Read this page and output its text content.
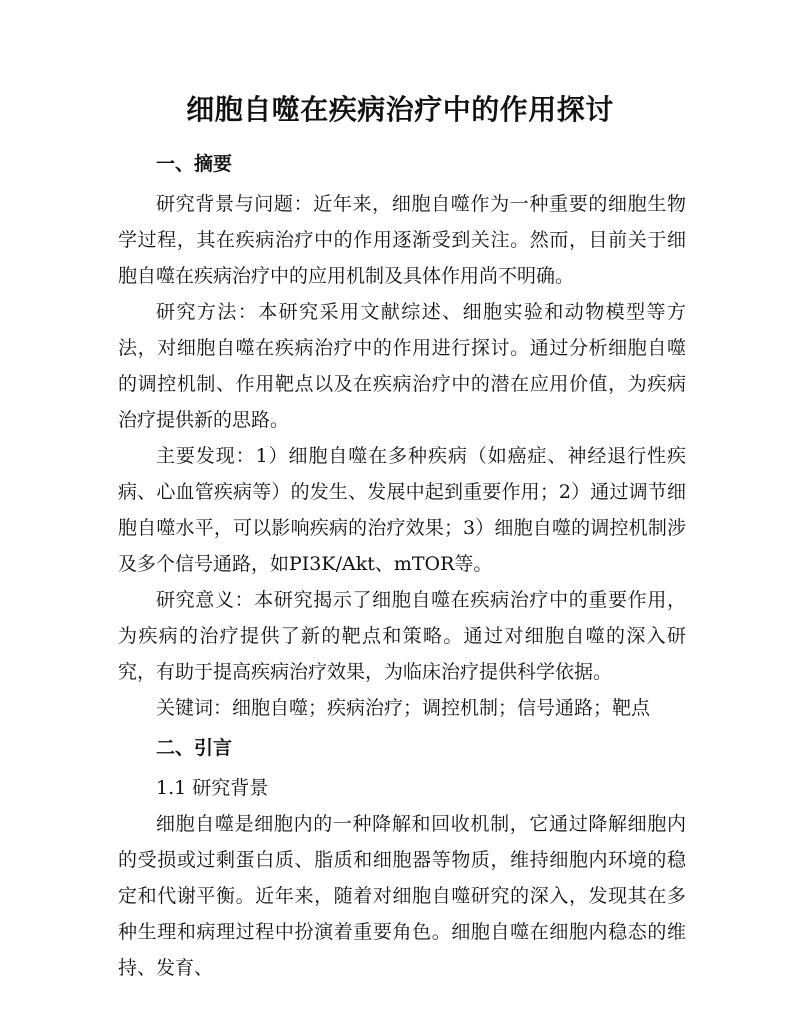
细胞自噬在疾病治疗中的作用探讨
一、摘要

研究背景与问题：近年来，细胞自噬作为一种重要的细胞生物学过程，其在疾病治疗中的作用逐渐受到关注。然而，目前关于细胞自噬在疾病治疗中的应用机制及具体作用尚不明确。

研究方法：本研究采用文献综述、细胞实验和动物模型等方法，对细胞自噬在疾病治疗中的作用进行探讨。通过分析细胞自噬的调控机制、作用靶点以及在疾病治疗中的潜在应用价值，为疾病治疗提供新的思路。

主要发现：1）细胞自噬在多种疾病（如癌症、神经退行性疾病、心血管疾病等）的发生、发展中起到重要作用；2）通过调节细胞自噬水平，可以影响疾病的治疗效果；3）细胞自噬的调控机制涉及多个信号通路，如PI3K/Akt、mTOR等。

研究意义：本研究揭示了细胞自噬在疾病治疗中的重要作用，为疾病的治疗提供了新的靶点和策略。通过对细胞自噬的深入研究，有助于提高疾病治疗效果，为临床治疗提供科学依据。

关键词：细胞自噬；疾病治疗；调控机制；信号通路；靶点

二、引言

1.1 研究背景

细胞自噬是细胞内的一种降解和回收机制，它通过降解细胞内的受损或过剩蛋白质、脂质和细胞器等物质，维持细胞内环境的稳定和代谢平衡。近年来，随着对细胞自噬研究的深入，发现其在多种生理和病理过程中扮演着重要角色。细胞自噬在细胞内稳态的维持、发育、
